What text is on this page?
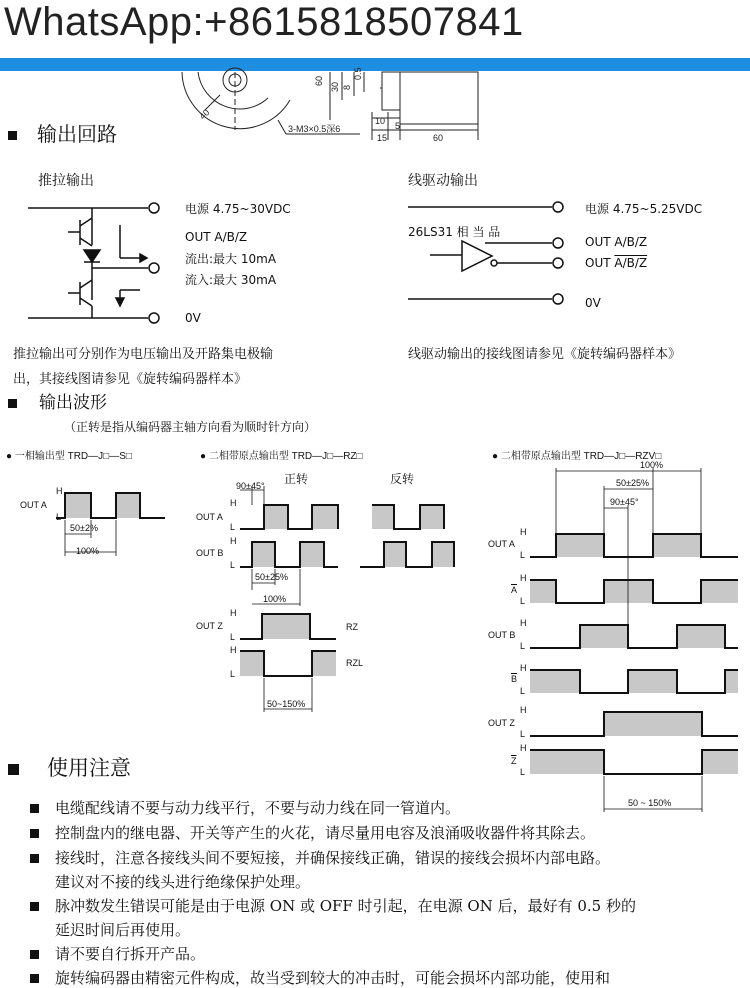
WhatsApp:+8615818507841
60
30 8
0.5
10
15
5
60
40
3-M3×0.5深6
输出回路
推拉输出
电源 4.75~30VDC
OUT A/B/Z
流出:最大 10mA
流入:最大 30mA
0V
推拉输出可分别作为电压输出及开路集电极输
出，其接线图请参见《旋转编码器样本》
线驱动输出
电源 4.75~5.25VDC
26LS31 相 当 品
OUT A/B/Z
OUT A/B/Z
0V
线驱动输出的接线图请参见《旋转编码器样本》
输出波形
（正转是指从编码器主轴方向看为顺时针方向）
● 一相输出型 TRD—J□—S□	● 二相带原点输出型 TRD—J□—RZ□	● 二相带原点输出型 TRD—J□—RZV□
H
L
OUT A
50±2%
100%
正转	反转
90±45°
H
L
OUT A
H
L
OUT B
50±25%
100%
H
L
OUT Z	RZ
H
L
RZL
50~150%
100%
50±25%
90±45°
H
L
OUT A
H
L
$\overline{A}$
H
L
OUT B
H
L
$\overline{B}$
H
L
OUT Z
H
L
$\overline{Z}$
50 ~ 150%
使用注意
电缆配线请不要与动力线平行，不要与动力线在同一管道内。
控制盘内的继电器、开关等产生的火花，请尽量用电容及浪涌吸收器件将其除去。
接线时，注意各接线头间不要短接，并确保接线正确，错误的接线会损坏内部电路。
建议对不接的线头进行绝缘保护处理。
脉冲数发生错误可能是由于电源 ON 或 OFF 时引起，在电源 ON 后，最好有 0.5 秒的
延迟时间后再使用。
请不要自行拆开产品。
旋转编码器由精密元件构成，故当受到较大的冲击时，可能会损坏内部功能，使用和
